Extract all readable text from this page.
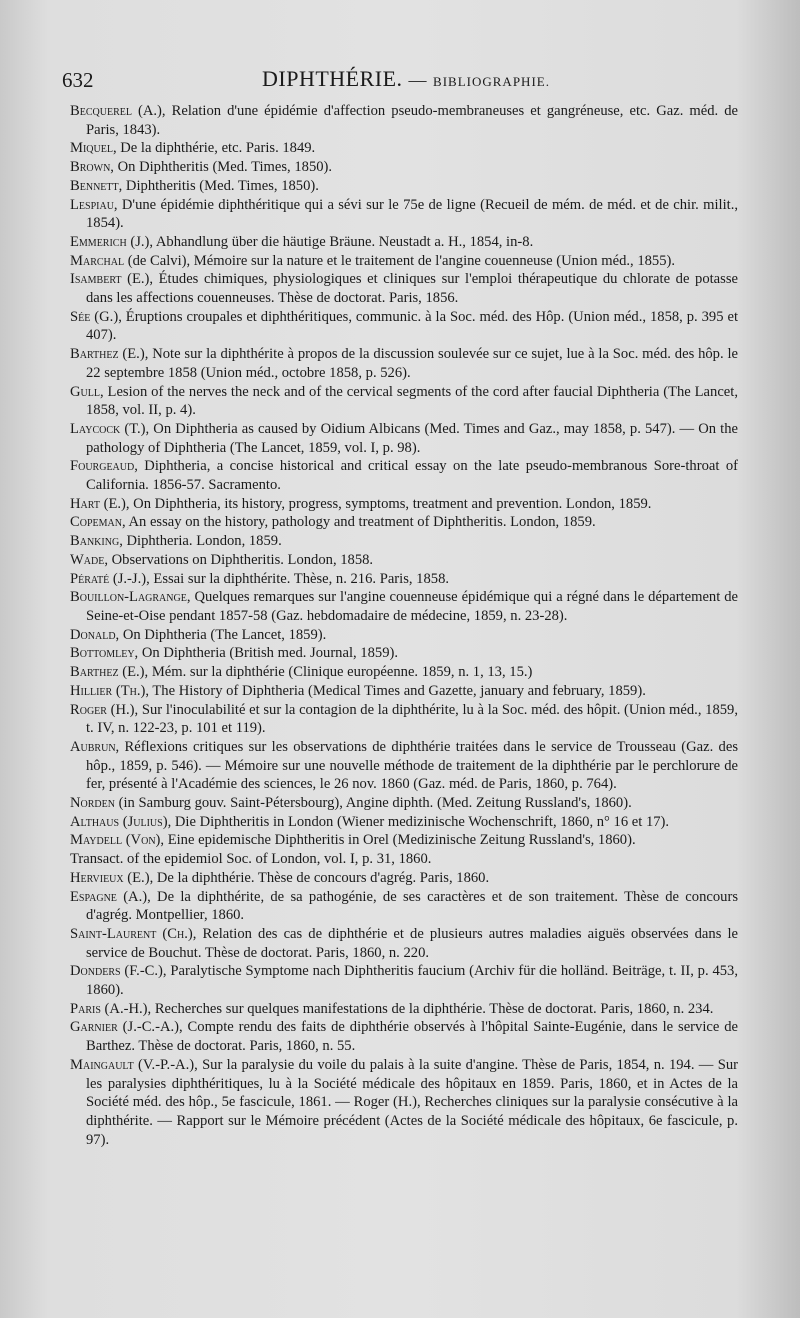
632	DIPHTHÉRIE. — BIBLIOGRAPHIE.

Becquerel (A.), Relation d'une épidémie d'affection pseudo-membraneuses et gangréneuse, etc. Gaz. méd. de Paris, 1843).

Miquel, De la diphthérie, etc. Paris. 1849.

Brown, On Diphtheritis (Med. Times, 1850).

Bennett, Diphtheritis (Med. Times, 1850).

Lespiau, D'une épidémie diphthéritique qui a sévi sur le 75e de ligne (Recueil de mém. de méd. et de chir. milit., 1854).

Emmerich (J.), Abhandlung über die häutige Bräune. Neustadt a. H., 1854, in-8.

Marchal (de Calvi), Mémoire sur la nature et le traitement de l'angine couenneuse (Union méd., 1855).

Isambert (E.), Études chimiques, physiologiques et cliniques sur l'emploi thérapeutique du chlorate de potasse dans les affections couenneuses. Thèse de doctorat. Paris, 1856.

Sée (G.), Éruptions croupales et diphthéritiques, communic. à la Soc. méd. des Hôp. (Union méd., 1858, p. 395 et 407).

Barthez (E.), Note sur la diphthérite à propos de la discussion soulevée sur ce sujet, lue à la Soc. méd. des hôp. le 22 septembre 1858 (Union méd., octobre 1858, p. 526).

Gull, Lesion of the nerves the neck and of the cervical segments of the cord after faucial Diphtheria (The Lancet, 1858, vol. II, p. 4).

Laycock (T.), On Diphtheria as caused by Oidium Albicans (Med. Times and Gaz., may 1858, p. 547). — On the pathology of Diphtheria (The Lancet, 1859, vol. I, p. 98).

Fourgeaud, Diphtheria, a concise historical and critical essay on the late pseudo-membranous Sore-throat of California. 1856-57. Sacramento.

Hart (E.), On Diphtheria, its history, progress, symptoms, treatment and prevention. London, 1859.

Copeman, An essay on the history, pathology and treatment of Diphtheritis. London, 1859.

Banking, Diphtheria. London, 1859.

Wade, Observations on Diphtheritis. London, 1858.

Pératé (J.-J.), Essai sur la diphthérite. Thèse, n. 216. Paris, 1858.

Bouillon-Lagrange, Quelques remarques sur l'angine couenneuse épidémique qui a régné dans le département de Seine-et-Oise pendant 1857-58 (Gaz. hebdomadaire de médecine, 1859, n. 23-28).

Donald, On Diphtheria (The Lancet, 1859).

Bottomley, On Diphtheria (British med. Journal, 1859).

Barthez (E.), Mém. sur la diphthérie (Clinique européenne. 1859, n. 1, 13, 15.)

Hillier (Th.), The History of Diphtheria (Medical Times and Gazette, january and february, 1859).

Roger (H.), Sur l'inoculabilité et sur la contagion de la diphthérite, lu à la Soc. méd. des hôpit. (Union méd., 1859, t. IV, n. 122-23, p. 101 et 119).

Aubrun, Réflexions critiques sur les observations de diphthérie traitées dans le service de Trousseau (Gaz. des hôp., 1859, p. 546). — Mémoire sur une nouvelle méthode de traitement de la diphthérie par le perchlorure de fer, présenté à l'Académie des sciences, le 26 nov. 1860 (Gaz. méd. de Paris, 1860, p. 764).

Norden (in Samburg gouv. Saint-Pétersbourg), Angine diphth. (Med. Zeitung Russland's, 1860).

Althaus (Julius), Die Diphtheritis in London (Wiener medizinische Wochenschrift, 1860, n° 16 et 17).

Maydell (Von), Eine epidemische Diphtheritis in Orel (Medizinische Zeitung Russland's, 1860).

Transact. of the epidemiol Soc. of London, vol. I, p. 31, 1860.

Hervieux (E.), De la diphthérie. Thèse de concours d'agrég. Paris, 1860.

Espagne (A.), De la diphthérite, de sa pathogénie, de ses caractères et de son traitement. Thèse de concours d'agrég. Montpellier, 1860.

Saint-Laurent (Ch.), Relation des cas de diphthérie et de plusieurs autres maladies aiguës observées dans le service de Bouchut. Thèse de doctorat. Paris, 1860, n. 220.

Donders (F.-C.), Paralytische Symptome nach Diphtheritis faucium (Archiv für die holländ. Beiträge, t. II, p. 453, 1860).

Paris (A.-H.), Recherches sur quelques manifestations de la diphthérie. Thèse de doctorat. Paris, 1860, n. 234.

Garnier (J.-C.-A.), Compte rendu des faits de diphthérie observés à l'hôpital Sainte-Eugénie, dans le service de Barthez. Thèse de doctorat. Paris, 1860, n. 55.

Maingault (V.-P.-A.), Sur la paralysie du voile du palais à la suite d'angine. Thèse de Paris, 1854, n. 194. — Sur les paralysies diphthéritiques, lu à la Société médicale des hôpitaux en 1859. Paris, 1860, et in Actes de la Société méd. des hôp., 5e fascicule, 1861. — Roger (H.), Recherches cliniques sur la paralysie consécutive à la diphthérite. — Rapport sur le Mémoire précédent (Actes de la Société médicale des hôpitaux, 6e fascicule, p. 97).
